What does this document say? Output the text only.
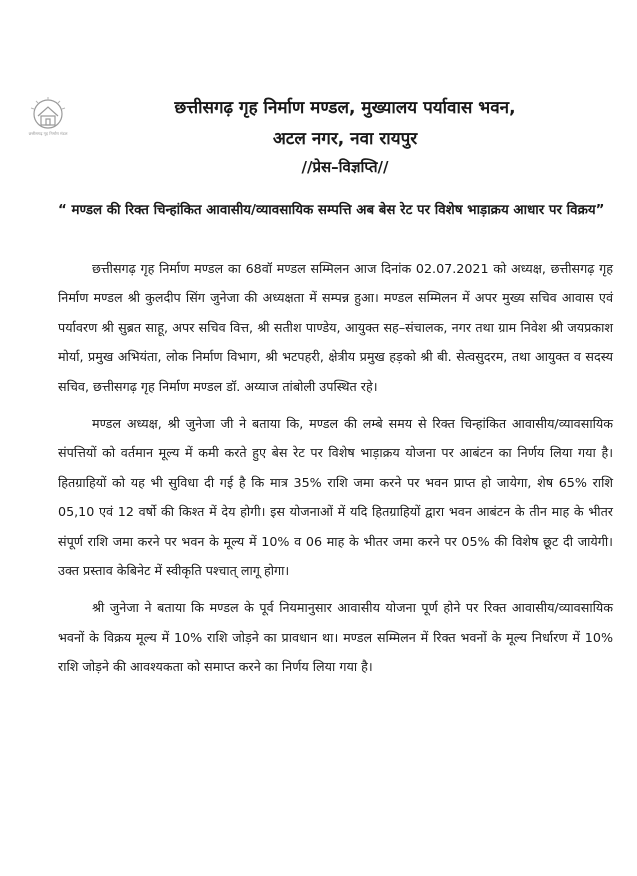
छत्तीसगढ़ गृह निर्माण मंडल

छत्तीसगढ़ गृह निर्माण मण्डल, मुख्यालय पर्यावास भवन,

अटल नगर, नवा रायपुर

//प्रेस–विज्ञप्ति//

“ मण्डल की रिक्त चिन्हांकित आवासीय/व्यावसायिक सम्पत्ति अब बेस रेट पर विशेष भाड़ाक्रय आधार पर विक्रय”

छत्तीसगढ़ गृह निर्माण मण्डल का 68वॉ मण्डल सम्मिलन आज दिनांक 02.07.2021 को अध्यक्ष, छत्तीसगढ़ गृह निर्माण मण्डल श्री कुलदीप सिंग जुनेजा की अध्यक्षता में सम्पन्न हुआ। मण्डल सम्मिलन में अपर मुख्य सचिव आवास एवं पर्यावरण श्री सुब्रत साहू, अपर सचिव वित्त, श्री सतीश पाण्डेय, आयुक्त सह–संचालक, नगर तथा ग्राम निवेश श्री जयप्रकाश मोर्या, प्रमुख अभियंता, लोक निर्माण विभाग, श्री भटपहरी, क्षेत्रीय प्रमुख हड़को श्री बी. सेत्वसुदरम, तथा आयुक्त व सदस्य सचिव, छत्तीसगढ़ गृह निर्माण मण्डल डॉ. अय्याज तांबोली उपस्थित रहे।

मण्डल अध्यक्ष, श्री जुनेजा जी ने बताया कि, मण्डल की लम्बे समय से रिक्त चिन्हांकित आवासीय/व्यावसायिक संपत्तियों को वर्तमान मूल्य में कमी करते हुए बेस रेट पर विशेष भाड़ाक्रय योजना पर आबंटन का निर्णय लिया गया है। हितग्राहियों को यह भी सुविधा दी गई है कि मात्र 35% राशि जमा करने पर भवन प्राप्त हो जायेगा, शेष 65% राशि 05,10 एवं 12 वर्षो की किश्त में देय होगी। इस योजनाओं में यदि हितग्राहियों द्वारा भवन आबंटन के तीन माह के भीतर संपूर्ण राशि जमा करने पर भवन के मूल्य में 10% व 06 माह के भीतर जमा करने पर 05% की विशेष छूट दी जायेगी। उक्त प्रस्ताव केबिनेट में स्वीकृति पश्चात् लागू होगा।

श्री जुनेजा ने बताया कि मण्डल के पूर्व नियमानुसार आवासीय योजना पूर्ण होने पर रिक्त आवासीय/व्यावसायिक भवनों के विक्रय मूल्य में 10% राशि जोड़ने का प्रावधान था। मण्डल सम्मिलन में रिक्त भवनों के मूल्य निर्धारण में 10% राशि जोड़ने की आवश्यकता को समाप्त करने का निर्णय लिया गया है।
